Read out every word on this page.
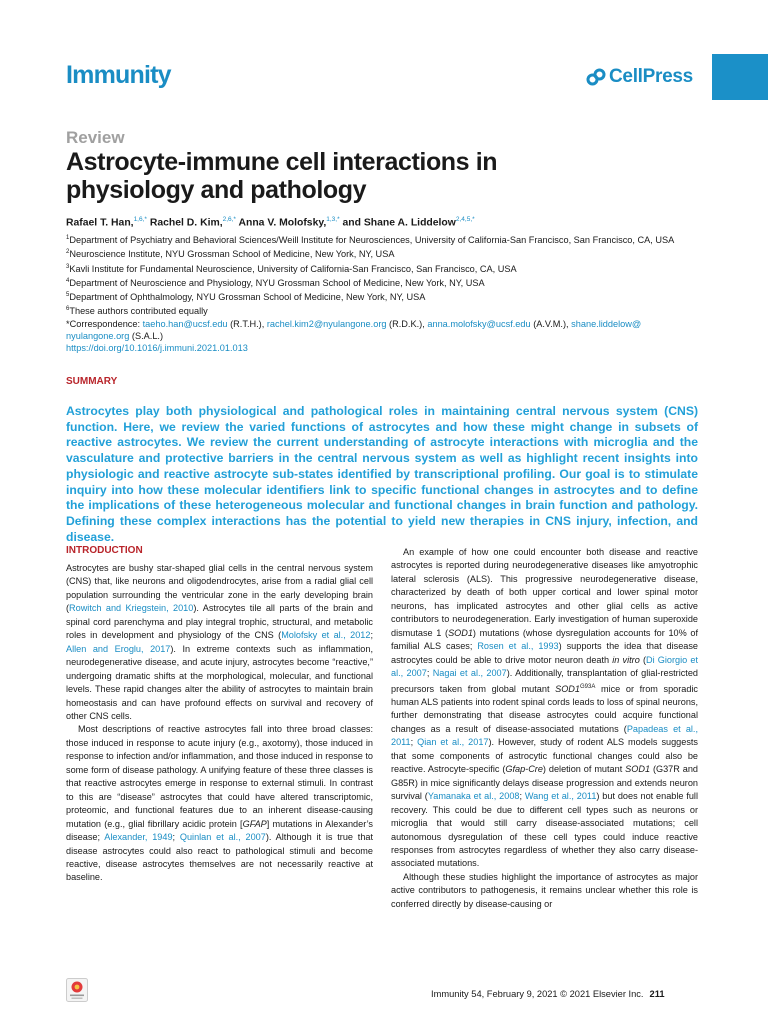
Immunity	CellPress
Review
Astrocyte-immune cell interactions in physiology and pathology
Rafael T. Han,$^{1,6,*}$ Rachel D. Kim,$^{2,6,*}$ Anna V. Molofsky,$^{1,3,*}$ and Shane A. Liddelow$^{2,4,5,*}$
$^1$Department of Psychiatry and Behavioral Sciences/Weill Institute for Neurosciences, University of California-San Francisco, San Francisco, CA, USA
$^2$Neuroscience Institute, NYU Grossman School of Medicine, New York, NY, USA
$^3$Kavli Institute for Fundamental Neuroscience, University of California-San Francisco, San Francisco, CA, USA
$^4$Department of Neuroscience and Physiology, NYU Grossman School of Medicine, New York, NY, USA
$^5$Department of Ophthalmology, NYU Grossman School of Medicine, New York, NY, USA
$^6$These authors contributed equally
*Correspondence: taeho.han@ucsf.edu (R.T.H.), rachel.kim2@nyulangone.org (R.D.K.), anna.molofsky@ucsf.edu (A.V.M.), shane.liddelow@ nyulangone.org (S.A.L.)
https://doi.org/10.1016/j.immuni.2021.01.013
SUMMARY
Astrocytes play both physiological and pathological roles in maintaining central nervous system (CNS) function. Here, we review the varied functions of astrocytes and how these might change in subsets of reactive astrocytes. We review the current understanding of astrocyte interactions with microglia and the vasculature and protective barriers in the central nervous system as well as highlight recent insights into physiologic and reactive astrocyte sub-states identified by transcriptional profiling. Our goal is to stimulate inquiry into how these molecular identifiers link to specific functional changes in astrocytes and to define the implications of these heterogeneous molecular and functional changes in brain function and pathology. Defining these complex interactions has the potential to yield new therapies in CNS injury, infection, and disease.
INTRODUCTION

Astrocytes are bushy star-shaped glial cells in the central nervous system (CNS) that, like neurons and oligodendrocytes, arise from a radial glial cell population surrounding the ventricular zone in the early developing brain (Rowitch and Kriegstein, 2010). Astrocytes tile all parts of the brain and spinal cord parenchyma and play integral trophic, structural, and metabolic roles in development and physiology of the CNS (Molofsky et al., 2012; Allen and Eroglu, 2017). In extreme contexts such as inflammation, neurodegenerative disease, and acute injury, astrocytes become “reactive,” undergoing dramatic shifts at the morphological, molecular, and functional levels. These rapid changes alter the ability of astrocytes to maintain brain homeostasis and can have profound effects on survival and recovery of other CNS cells.

Most descriptions of reactive astrocytes fall into three broad classes: those induced in response to acute injury (e.g., axotomy), those induced in response to infection and/or inflammation, and those induced in response to some form of disease pathology. A unifying feature of these three classes is that reactive astrocytes emerge in response to external stimuli. In contrast to this are “disease” astrocytes that could have altered transcriptomic, proteomic, and functional features due to an inherent disease-causing mutation (e.g., glial fibrillary acidic protein [GFAP] mutations in Alexander’s disease; Alexander, 1949; Quinlan et al., 2007). Although it is true that disease astrocytes could also react to pathological stimuli and become reactive, disease astrocytes themselves are not necessarily reactive at baseline.

An example of how one could encounter both disease and reactive astrocytes is reported during neurodegenerative diseases like amyotrophic lateral sclerosis (ALS). This progressive neurodegenerative disease, characterized by death of both upper cortical and lower spinal motor neurons, has implicated astrocytes and other glial cells as active contributors to neurodegeneration. Early investigation of human superoxide dismutase 1 (SOD1) mutations (whose dysregulation accounts for 10% of familial ALS cases; Rosen et al., 1993) supports the idea that disease astrocytes could be able to drive motor neuron death in vitro (Di Giorgio et al., 2007; Nagai et al., 2007). Additionally, transplantation of glial-restricted precursors taken from global mutant $SOD1^{G93A}$ mice or from sporadic human ALS patients into rodent spinal cords leads to loss of spinal neurons, further demonstrating that disease astrocytes could acquire functional changes as a result of disease-associated mutations (Papadeas et al., 2011; Qian et al., 2017). However, study of rodent ALS models suggests that some components of astrocytic functional changes could also be reactive. Astrocyte-specific (Gfap-Cre) deletion of mutant SOD1 (G37R and G85R) in mice significantly delays disease progression and extends neuron survival (Yamanaka et al., 2008; Wang et al., 2011) but does not enable full recovery. This could be due to different cell types such as neurons or microglia that would still carry disease-associated mutations; cell autonomous dysregulation of these cell types could induce reactive responses from astrocytes regardless of whether they also carry disease-associated mutations.

Although these studies highlight the importance of astrocytes as major active contributors to pathogenesis, it remains unclear whether this role is conferred directly by disease-causing or

Immunity 54, February 9, 2021 © 2021 Elsevier Inc. 211
